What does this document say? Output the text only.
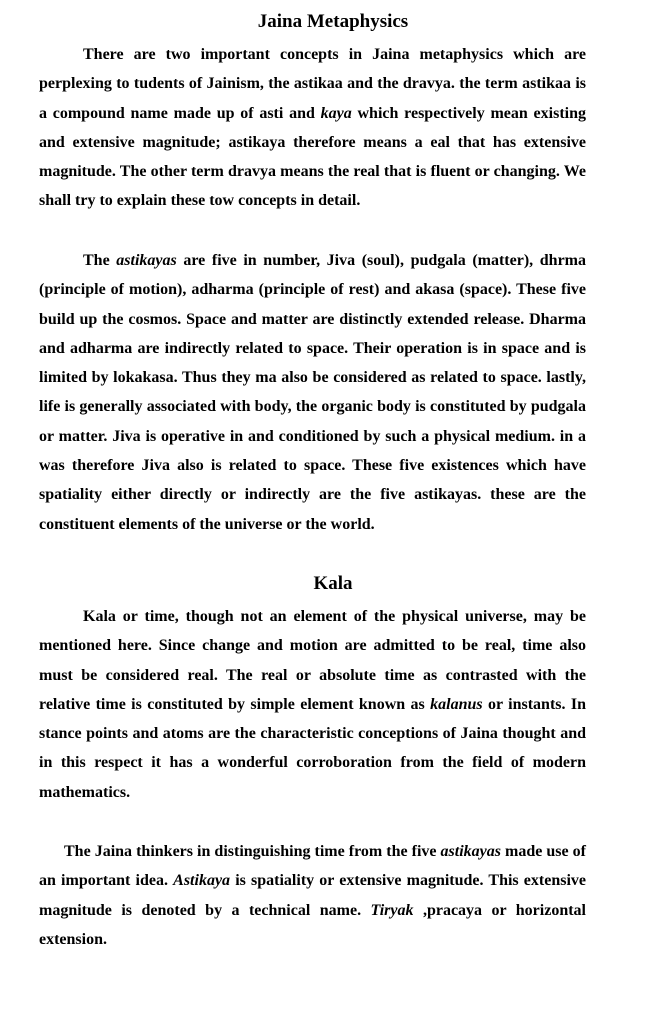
Jaina Metaphysics

There are two important concepts in Jaina metaphysics which are perplexing to tudents of Jainism, the astikaa and the dravya. the term astikaa is a compound name made up of asti and kaya which respectively mean existing and extensive magnitude; astikaya therefore means a eal that has extensive magnitude. The other term dravya means the real that is fluent or changing. We shall try to explain these tow concepts in detail.

The astikayas are five in number, Jiva (soul), pudgala (matter), dhrma (principle of motion), adharma (principle of rest) and akasa (space). These five build up the cosmos. Space and matter are distinctly extended release. Dharma and adharma are indirectly related to space. Their operation is in space and is limited by lokakasa. Thus they ma also be considered as related to space. lastly, life is generally associated with body, the organic body is constituted by pudgala or matter. Jiva is operative in and conditioned by such a physical medium. in a was therefore Jiva also is related to space. These five existences which have spatiality either directly or indirectly are the five astikayas. these are the constituent elements of the universe or the world.

Kala

Kala or time, though not an element of the physical universe, may be mentioned here. Since change and motion are admitted to be real, time also must be considered real. The real or absolute time as contrasted with the relative time is constituted by simple element known as kalanus or instants. In stance points and atoms are the characteristic conceptions of Jaina thought and in this respect it has a wonderful corroboration from the field of modern mathematics.

The Jaina thinkers in distinguishing time from the five astikayas made use of an important idea. Astikaya is spatiality or extensive magnitude. This extensive magnitude is denoted by a technical name. Tiryak ,pracaya or horizontal extension.
